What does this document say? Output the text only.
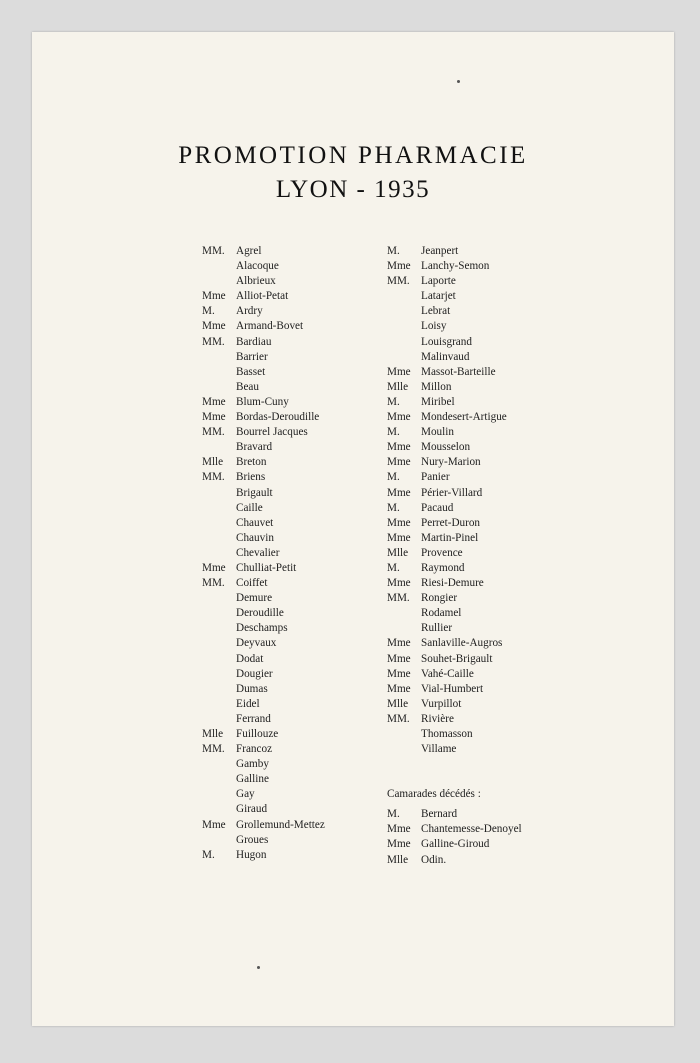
PROMOTION PHARMACIE
LYON - 1935
MM. Agrel
Alacoque
Albrieux
Mme Alliot-Petat
M. Ardry
Mme Armand-Bovet
MM. Bardiau
Barrier
Basset
Beau
Mme Blum-Cuny
Mme Bordas-Deroudille
MM. Bourrel Jacques
Bravard
Mlle Breton
MM. Briens
Brigault
Caille
Chauvet
Chauvin
Chevalier
Mme Chulliat-Petit
MM. Coiffet
Demure
Deroudille
Deschamps
Deyvaux
Dodat
Dougier
Dumas
Eidel
Ferrand
Mlle Fuillouze
MM. Francoz
Gamby
Galline
Gay
Giraud
Mme Grollemund-Mettez
Groues
M. Hugon
M. Jeanpert
Mme Lanchy-Semon
MM. Laporte
Latarjet
Lebrat
Loisy
Louisgrand
Malinvaud
Mme Massot-Barteille
Mlle Millon
M. Miribel
Mme Mondesert-Artigue
M. Moulin
Mme Mousselon
Mme Nury-Marion
M. Panier
Mme Périer-Villard
M. Pacaud
Mme Perret-Duron
Mme Martin-Pinel
Mlle Provence
M. Raymond
Mme Riesi-Demure
MM. Rongier
Rodamel
Rullier
Mme Sanlaville-Augros
Mme Souhet-Brigault
Mme Vahé-Caille
Mme Vial-Humbert
Mlle Vurpillot
MM. Rivière
Thomasson
Villame
Camarades décédés :
M. Bernard
Mme Chantemesse-Denoyel
Mme Galline-Giroud
Mlle Odin.
